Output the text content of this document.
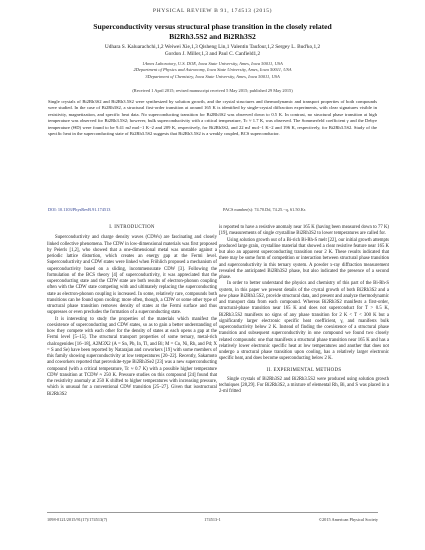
PHYSICAL REVIEW B 91, 174513 (2015)
Superconductivity versus structural phase transition in the closely related
Bi2Rh3.5S2 and Bi2Rh3S2
Udhara S. Kaluarachchi,1,2 Weiwei Xie,1,3 Qisheng Lin,1 Valentin Taufour,1,2 Sergey L. Bud'ko,1,2
Gordon J. Miller,1,3 and Paul C. Canfield1,2
1Ames Laboratory, U.S. DOE, Iowa State University, Ames, Iowa 50011, USA
2Department of Physics and Astronomy, Iowa State University, Ames, Iowa 50011, USA
3Department of Chemistry, Iowa State University, Ames, Iowa 50011, USA
(Received 1 April 2015; revised manuscript received 5 May 2015; published 29 May 2015)
Single crystals of Bi2Rh3S2 and Bi2Rh3.5S2 were synthesized by solution growth, and the crystal structures and thermodynamic and transport properties of both compounds were studied. In the case of Bi2Rh3S2, a structural first-order transition at around 165 K is identified by single-crystal diffraction experiments, with clear signatures visible in resistivity, magnetization, and specific heat data. No superconducting transition for Bi2Rh3S2 was observed down to 0.5 K. In contrast, no structural phase transition at high temperature was observed for Bi2Rh3.5S2; however, bulk superconductivity with a critical temperature, Tc ≈ 1.7 K, was observed. The Sommerfeld coefficient γ and the Debye temperature (ΘD) were found to be 9.41 mJ mol−1 K−2 and 209 K, respectively, for Bi2Rh3S2, and 22 mJ mol−1 K−2 and 196 K, respectively, for Bi2Rh3.5S2. Study of the specific heat in the superconducting state of Bi2Rh3.5S2 suggests that Bi2Rh3.5S2 is a weakly coupled, BCS superconductor.
DOI: 10.1103/PhysRevB.91.174513	PACS number(s): 74.70.Dd, 74.25.−q, 61.50.Ks
I. INTRODUCTION

Superconductivity and charge density waves (CDWs) are fascinating and closely linked collective phenomena. The CDW in low-dimensional materials was first proposed by Peierls [1,2], who showed that a one-dimensional metal was unstable against a periodic lattice distortion, which creates an energy gap at the Fermi level. Superconductivity and CDW states were linked when Fröhlich proposed a mechanism of superconductivity based on a sliding, incommensurate CDW [3]. Following the formulation of the BCS theory [4] of superconductivity, it was appreciated that the superconducting state and the CDW state are both results of electron-phonon coupling often with the CDW state competing with and ultimately replacing the superconducting state as electron-phonon coupling is increased. In some, relatively rare, compounds both transitions can be found upon cooling; more often, though, a CDW or some other type of structural phase transition removes density of states at the Fermi surface and thus suppresses or even precludes the formation of a superconducting state.

It is interesting to study the properties of the materials which manifest the coexistence of superconducting and CDW states, so as to gain a better understanding of how they compete with each other for the density of states at each opens a gap at the Fermi level [5–15]. The structural transport properties of some ternary, metal-rich chalcogenides [16–18], A2M3X2 (A = Sn, Pb, In, Tl, and Bi; M = Co, Ni, Rh, and Pd; X = S and Se) have been reported by Natarajan and coworkers [19] with some members of this family showing superconductivity at low temperatures [20–22]. Recently, Sakamoto and coworkers reported that perovskite-type Bi2Rh3Se2 [23] was a new superconducting compound (with a critical temperature, Tc ≈ 0.7 K) with a possible higher temperature CDW transition at TCDW ≈ 250 K. Pressure studies on this compound [24] found that the resistivity anomaly at 250 K shifted to higher temperatures with increasing pressure, which is unusual for a conventional CDW transition [25–27]. Given that isostructural Bi2Rh3S2

is reported to have a resistive anomaly near 165 K (having been measured down to 77 K) [19], measurements of single crystalline Bi2Rh3S2 to lower temperatures are called for.

Using solution growth out of a Bi-rich Bi-Rh-S melt [22], our initial growth attempts produced large grain, crystalline material that showed a clear resistive feature near 165 K but also an apparent superconducting transition near 2 K. These results indicated that there may be some form of competition or interaction between structural phase transition and superconductivity in this ternary system. A powder x-ray diffraction measurement revealed the anticipated Bi2Rh3S2 phase, but also indicated the presence of a second phase.

In order to better understand the physics and chemistry of this part of the Bi-Rh-S system, in this paper we present details of the crystal growth of both Bi2Rh3S2 and a new phase Bi2Rh3.5S2, provide structural data, and present and analyze thermodynamic and transport data from each compound. Whereas Bi2Rh3S2 manifests a first-order, structural-phase transition near 165 K and does not superconduct for T > 0.5 K, Bi2Rh3.5S2 manifests no signs of any phase transition for 2 K < T < 300 K but a significantly larger electronic specific heat coefficient, γ, and manifests bulk superconductivity below 2 K. Instead of finding the coexistence of a structural phase transition and subsequent superconductivity in one compound we found two closely related compounds: one that manifests a structural phase transition near 165 K and has a relatively lower electronic specific heat at low temperatures and another that does not undergo a structural phase transition upon cooling, has a relatively larger electronic specific heat, and does become superconducting below 2 K.

II. EXPERIMENTAL METHODS

Single crystals of Bi2Rh3S2 and Bi2Rh3.5S2 were produced using solution growth techniques [28,29]. For Bi2Rh3S2, a mixture of elemental Rh, Bi, and S was placed in a 2-ml fritted

1098-0121/2015/91(17)/174513(7)	174513-1	©2015 American Physical Society
